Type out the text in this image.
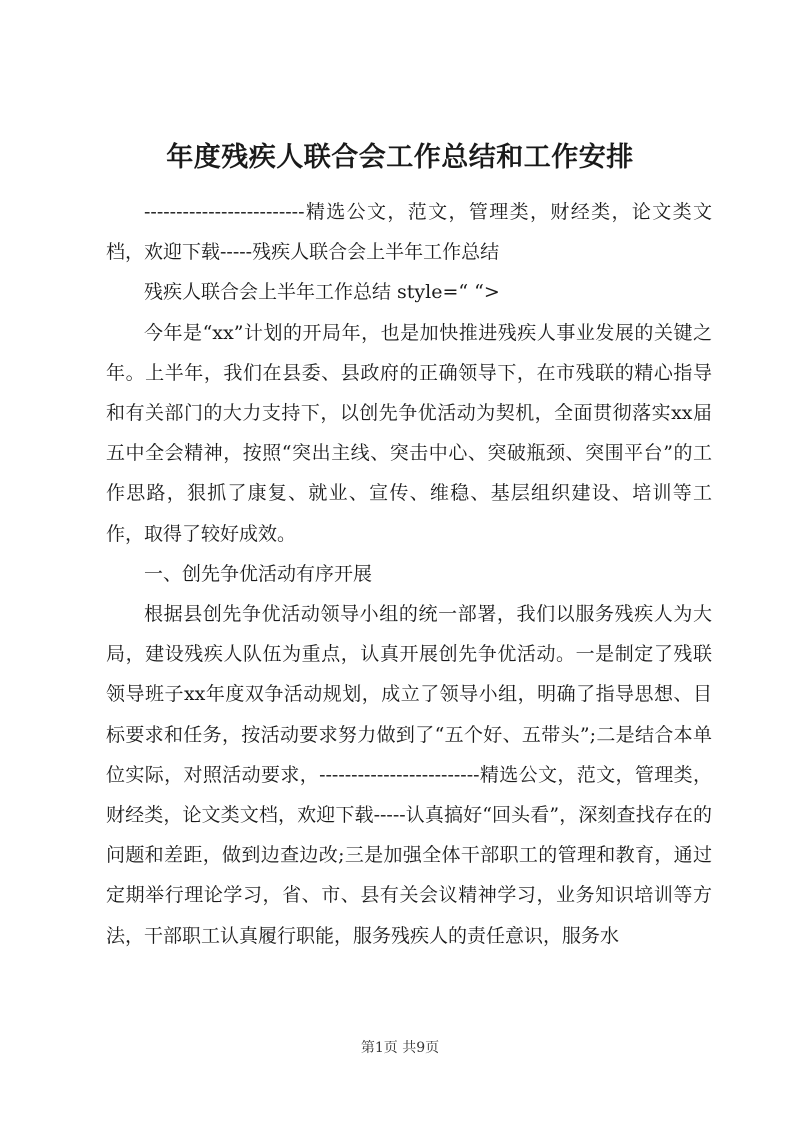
年度残疾人联合会工作总结和工作安排

-------------------------精选公文，范文，管理类，财经类，论文类文档，欢迎下载-----残疾人联合会上半年工作总结

残疾人联合会上半年工作总结 style=“ “>

今年是“xx”计划的开局年，也是加快推进残疾人事业发展的关键之年。上半年，我们在县委、县政府的正确领导下，在市残联的精心指导和有关部门的大力支持下，以创先争优活动为契机，全面贯彻落实xx届五中全会精神，按照“突出主线、突击中心、突破瓶颈、突围平台”的工作思路，狠抓了康复、就业、宣传、维稳、基层组织建设、培训等工作，取得了较好成效。

一、创先争优活动有序开展

根据县创先争优活动领导小组的统一部署，我们以服务残疾人为大局，建设残疾人队伍为重点，认真开展创先争优活动。一是制定了残联领导班子xx年度双争活动规划，成立了领导小组，明确了指导思想、目标要求和任务，按活动要求努力做到了“五个好、五带头”;二是结合本单位实际，对照活动要求，-------------------------精选公文，范文，管理类，财经类，论文类文档，欢迎下载-----认真搞好“回头看”，深刻查找存在的问题和差距，做到边查边改;三是加强全体干部职工的管理和教育，通过定期举行理论学习，省、市、县有关会议精神学习，业务知识培训等方法，干部职工认真履行职能，服务残疾人的责任意识，服务水

第1页 共9页
